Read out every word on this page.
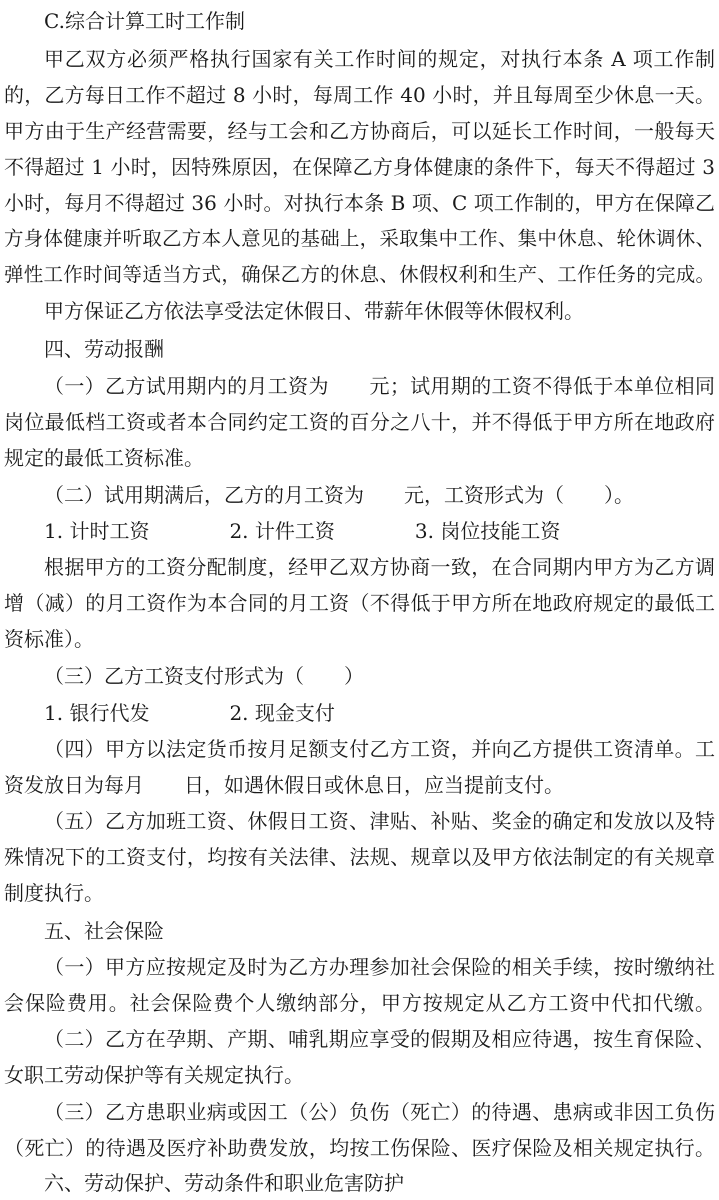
C.综合计算工时工作制
甲乙双方必须严格执行国家有关工作时间的规定，对执行本条 A 项工作制
的，乙方每日工作不超过 8 小时，每周工作 40 小时，并且每周至少休息一天。
甲方由于生产经营需要，经与工会和乙方协商后，可以延长工作时间，一般每天
不得超过 1 小时，因特殊原因，在保障乙方身体健康的条件下，每天不得超过 3
小时，每月不得超过 36 小时。对执行本条 B 项、C 项工作制的，甲方在保障乙
方身体健康并听取乙方本人意见的基础上，采取集中工作、集中休息、轮休调休、
弹性工作时间等适当方式，确保乙方的休息、休假权利和生产、工作任务的完成。
甲方保证乙方依法享受法定休假日、带薪年休假等休假权利。
四、劳动报酬
（一）乙方试用期内的月工资为　　元；试用期的工资不得低于本单位相同
岗位最低档工资或者本合同约定工资的百分之八十，并不得低于甲方所在地政府
规定的最低工资标准。
（二）试用期满后，乙方的月工资为　　元，工资形式为（　　）。
1. 计时工资　　　　2. 计件工资　　　　3. 岗位技能工资
根据甲方的工资分配制度，经甲乙双方协商一致，在合同期内甲方为乙方调
增（减）的月工资作为本合同的月工资（不得低于甲方所在地政府规定的最低工
资标准）。
（三）乙方工资支付形式为（　　）
1. 银行代发　　　　2. 现金支付
（四）甲方以法定货币按月足额支付乙方工资，并向乙方提供工资清单。工
资发放日为每月　　日，如遇休假日或休息日，应当提前支付。
（五）乙方加班工资、休假日工资、津贴、补贴、奖金的确定和发放以及特
殊情况下的工资支付，均按有关法律、法规、规章以及甲方依法制定的有关规章
制度执行。
五、社会保险
（一）甲方应按规定及时为乙方办理参加社会保险的相关手续，按时缴纳社
会保险费用。社会保险费个人缴纳部分，甲方按规定从乙方工资中代扣代缴。
（二）乙方在孕期、产期、哺乳期应享受的假期及相应待遇，按生育保险、
女职工劳动保护等有关规定执行。
（三）乙方患职业病或因工（公）负伤（死亡）的待遇、患病或非因工负伤
（死亡）的待遇及医疗补助费发放，均按工伤保险、医疗保险及相关规定执行。
六、劳动保护、劳动条件和职业危害防护
